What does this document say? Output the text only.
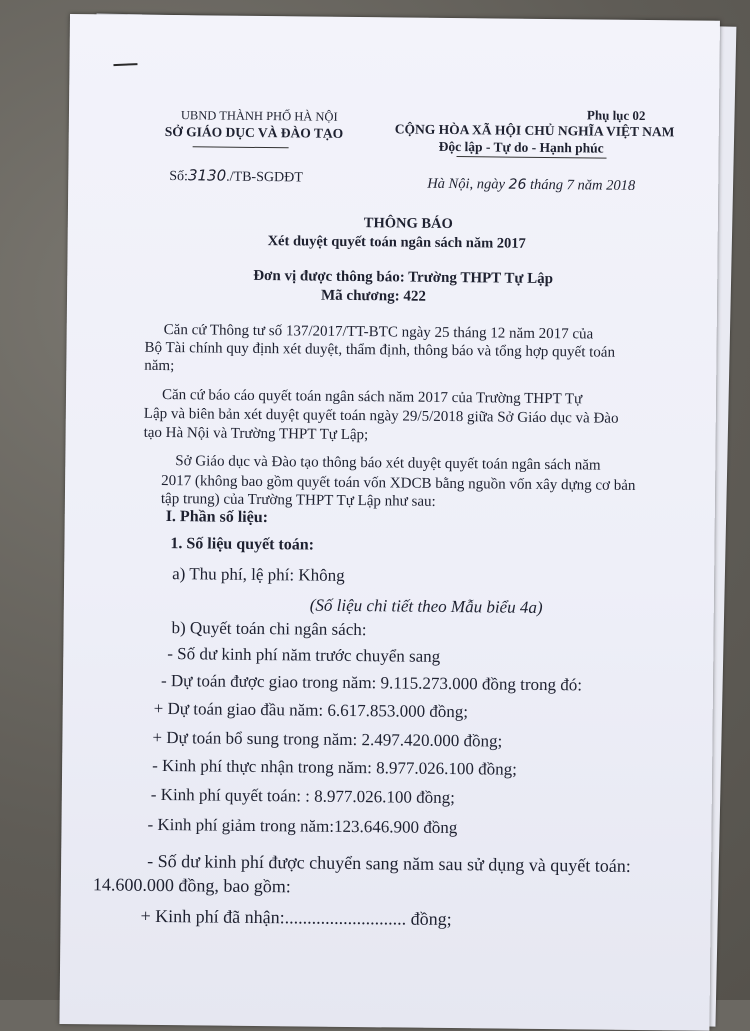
UBND THÀNH PHỐ HÀ NỘI
SỞ GIÁO DỤC VÀ ĐÀO TẠO
Phụ lục 02
CỘNG HÒA XÃ HỘI CHỦ NGHĨA VIỆT NAM
Độc lập - Tự do - Hạnh phúc
Số:3130./TB-SGDĐT	Hà Nội, ngày 26 tháng 7 năm 2018
THÔNG BÁO
Xét duyệt quyết toán ngân sách năm 2017
Đơn vị được thông báo: Trường THPT Tự Lập
Mã chương: 422
Căn cứ Thông tư số 137/2017/TT-BTC ngày 25 tháng 12 năm 2017 của
Bộ Tài chính quy định xét duyệt, thẩm định, thông báo và tổng hợp quyết toán
năm;
Căn cứ báo cáo quyết toán ngân sách năm 2017 của Trường THPT Tự
Lập và biên bản xét duyệt quyết toán ngày 29/5/2018 giữa Sở Giáo dục và Đào
tạo Hà Nội và Trường THPT Tự Lập;
Sở Giáo dục và Đào tạo thông báo xét duyệt quyết toán ngân sách năm
2017 (không bao gồm quyết toán vốn XDCB bằng nguồn vốn xây dựng cơ bản
tập trung) của Trường THPT Tự Lập như sau:
I. Phần số liệu:
1. Số liệu quyết toán:
a) Thu phí, lệ phí: Không
(Số liệu chi tiết theo Mẫu biểu 4a)
b) Quyết toán chi ngân sách:
- Số dư kinh phí năm trước chuyển sang
- Dự toán được giao trong năm: 9.115.273.000 đồng trong đó:
+ Dự toán giao đầu năm: 6.617.853.000 đồng;
+ Dự toán bổ sung trong năm: 2.497.420.000 đồng;
- Kinh phí thực nhận trong năm: 8.977.026.100 đồng;
- Kinh phí quyết toán: : 8.977.026.100 đồng;
- Kinh phí giảm trong năm:123.646.900 đồng
- Số dư kinh phí được chuyển sang năm sau sử dụng và quyết toán:
14.600.000 đồng, bao gồm:
+ Kinh phí đã nhận:........................... đồng;
